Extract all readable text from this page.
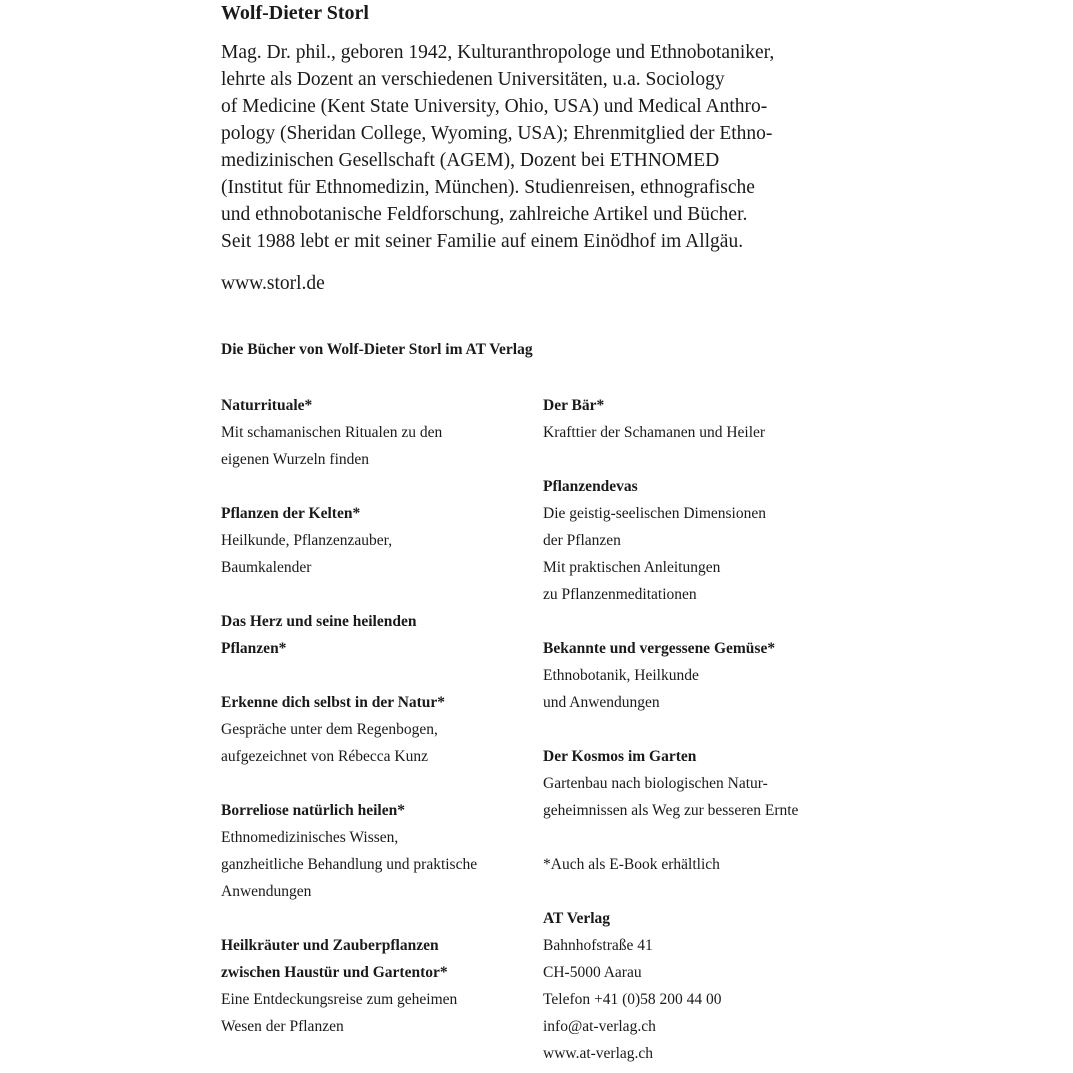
Wolf-Dieter Storl
Mag. Dr. phil., geboren 1942, Kulturanthropologe und Ethnobotaniker,
lehrte als Dozent an verschiedenen Universitäten, u.a. Sociology
of Medicine (Kent State University, Ohio, USA) und Medical Anthro-
pology (Sheridan College, Wyoming, USA); Ehrenmitglied der Ethno-
medizinischen Gesellschaft (AGEM), Dozent bei ETHNOMED
(Institut für Ethnomedizin, München). Studienreisen, ethnografische
und ethnobotanische Feldforschung, zahlreiche Artikel und Bücher.
Seit 1988 lebt er mit seiner Familie auf einem Einödhof im Allgäu.
www.storl.de
Die Bücher von Wolf-Dieter Storl im AT Verlag
Naturrituale*
Mit schamanischen Ritualen zu den
eigenen Wurzeln finden
Pflanzen der Kelten*
Heilkunde, Pflanzenzauber,
Baumkalender
Das Herz und seine heilenden
Pflanzen*
Erkenne dich selbst in der Natur*
Gespräche unter dem Regenbogen,
aufgezeichnet von Rébecca Kunz
Borreliose natürlich heilen*
Ethnomedizinisches Wissen,
ganzheitliche Behandlung und praktische
Anwendungen
Heilkräuter und Zauberpflanzen
zwischen Haustür und Gartentor*
Eine Entdeckungsreise zum geheimen
Wesen der Pflanzen
Der Bär*
Krafttier der Schamanen und Heiler
Pflanzendevas
Die geistig-seelischen Dimensionen
der Pflanzen
Mit praktischen Anleitungen
zu Pflanzenmeditationen
Bekannte und vergessene Gemüse*
Ethnobotanik, Heilkunde
und Anwendungen
Der Kosmos im Garten
Gartenbau nach biologischen Natur-
geheimnissen als Weg zur besseren Ernte
*Auch als E-Book erhältlich
AT Verlag
Bahnhofstraße 41
CH-5000 Aarau
Telefon +41 (0)58 200 44 00
info@at-verlag.ch
www.at-verlag.ch
